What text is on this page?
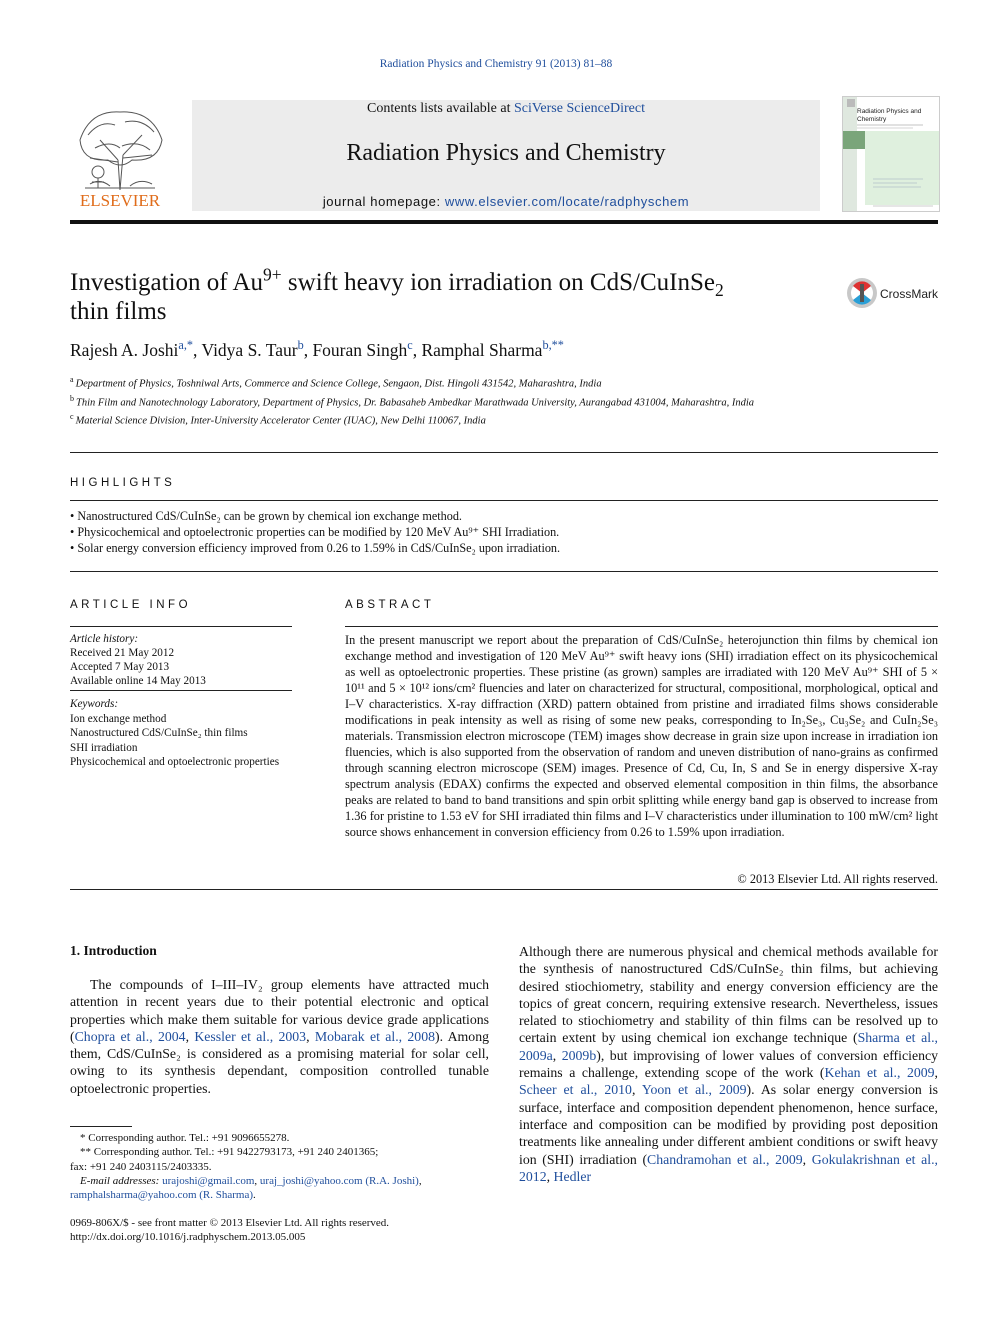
Radiation Physics and Chemistry 91 (2013) 81–88
ELSEVIER
Contents lists available at SciVerse ScienceDirect
Radiation Physics and Chemistry
journal homepage: www.elsevier.com/locate/radphyschem
Radiation Physics and
Chemistry
Investigation of $Au^{9+}$ swift heavy ion irradiation on CdS/CuInSe$_2$
thin films
CrossMark
Rajesh A. Joshi$^{a,*}$, Vidya S. Taur$^b$, Fouran Singh$^c$, Ramphal Sharma$^{b,**}$
$^a$ Department of Physics, Toshniwal Arts, Commerce and Science College, Sengaon, Dist. Hingoli 431542, Maharashtra, India
$^b$ Thin Film and Nanotechnology Laboratory, Department of Physics, Dr. Babasaheb Ambedkar Marathwada University, Aurangabad 431004, Maharashtra, India
$^c$ Material Science Division, Inter-University Accelerator Center (IUAC), New Delhi 110067, India
HIGHLIGHTS
• Nanostructured CdS/CuInSe₂ can be grown by chemical ion exchange method.
• Physicochemical and optoelectronic properties can be modified by 120 MeV Au⁹⁺ SHI Irradiation.
• Solar energy conversion efficiency improved from 0.26 to 1.59% in CdS/CuInSe₂ upon irradiation.
ARTICLE INFO
Article history:
Received 21 May 2012
Accepted 7 May 2013
Available online 14 May 2013
Keywords:
Ion exchange method
Nanostructured CdS/CuInSe₂ thin films
SHI irradiation
Physicochemical and optoelectronic properties
ABSTRACT
In the present manuscript we report about the preparation of CdS/CuInSe₂ heterojunction thin films by chemical ion exchange method and investigation of 120 MeV Au⁹⁺ swift heavy ions (SHI) irradiation effect on its physicochemical as well as optoelectronic properties. These pristine (as grown) samples are irradiated with 120 MeV Au⁹⁺ SHI of 5 × 10¹¹ and 5 × 10¹² ions/cm² fluencies and later on characterized for structural, compositional, morphological, optical and I–V characteristics. X-ray diffraction (XRD) pattern obtained from pristine and irradiated films shows considerable modifications in peak intensity as well as rising of some new peaks, corresponding to In₂Se₃, Cu₃Se₂ and CuIn₂Se₃ materials. Transmission electron microscope (TEM) images show decrease in grain size upon increase in irradiation ion fluencies, which is also supported from the observation of random and uneven distribution of nano-grains as confirmed through scanning electron microscope (SEM) images. Presence of Cd, Cu, In, S and Se in energy dispersive X-ray spectrum analysis (EDAX) confirms the expected and observed elemental composition in thin films, the absorbance peaks are related to band to band transitions and spin orbit splitting while energy band gap is observed to increase from 1.36 for pristine to 1.53 eV for SHI irradiated thin films and I–V characteristics under illumination to 100 mW/cm² light source shows enhancement in conversion efficiency from 0.26 to 1.59% upon irradiation.
© 2013 Elsevier Ltd. All rights reserved.
1. Introduction
The compounds of I–III–IV₂ group elements have attracted much attention in recent years due to their potential electronic and optical properties which make them suitable for various device grade applications (Chopra et al., 2004, Kessler et al., 2003, Mobarak et al., 2008). Among them, CdS/CuInSe₂ is considered as a promising material for solar cell, owing to its synthesis dependant, composition controlled tunable optoelectronic properties.
Although there are numerous physical and chemical methods available for the synthesis of nanostructured CdS/CuInSe₂ thin films, but achieving desired stiochiometry, stability and energy conversion efficiency are the topics of great concern, requiring extensive research. Nevertheless, issues related to stiochiometry and stability of thin films can be resolved up to certain extent by using chemical ion exchange technique (Sharma et al., 2009a, 2009b), but improvising of lower values of conversion efficiency remains a challenge, extending scope of the work (Kehan et al., 2009, Scheer et al., 2010, Yoon et al., 2009). As solar energy conversion is surface, interface and composition dependent phenomenon, hence surface, interface and composition can be modified by providing post deposition treatments like annealing under different ambient conditions or swift heavy ion (SHI) irradiation (Chandramohan et al., 2009, Gokulakrishnan et al., 2012, Hedler
* Corresponding author. Tel.: +91 9096655278.
** Corresponding author. Tel.: +91 9422793173, +91 240 2401365;
fax: +91 240 2403115/2403335.
E-mail addresses: urajoshi@gmail.com, uraj_joshi@yahoo.com (R.A. Joshi),
ramphalsharma@yahoo.com (R. Sharma).
0969-806X/$ - see front matter © 2013 Elsevier Ltd. All rights reserved.
http://dx.doi.org/10.1016/j.radphyschem.2013.05.005
